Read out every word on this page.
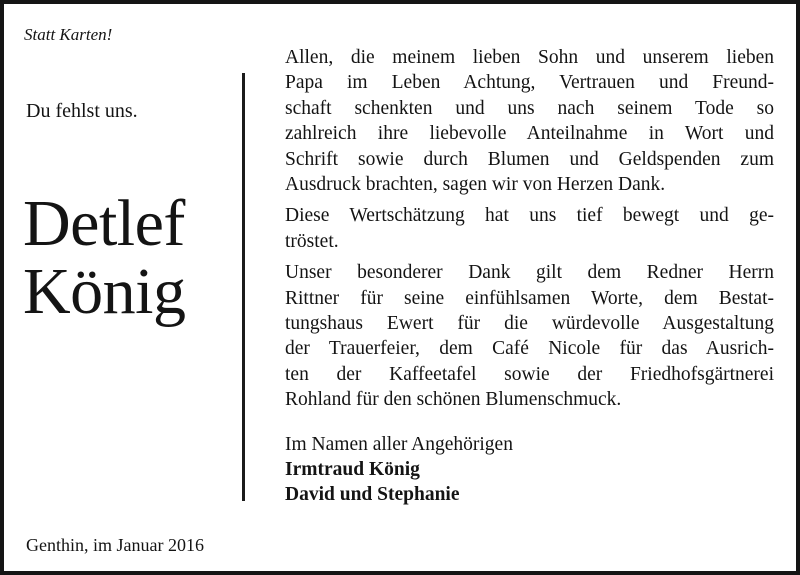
Statt Karten!
Du fehlst uns.
Detlef
König
Genthin, im Januar 2016

Allen, die meinem lieben Sohn und unserem lieben
Papa im Leben Achtung, Vertrauen und Freund-
schaft schenkten und uns nach seinem Tode so
zahlreich ihre liebevolle Anteilnahme in Wort und
Schrift sowie durch Blumen und Geldspenden zum
Ausdruck brachten, sagen wir von Herzen Dank.

Diese Wertschätzung hat uns tief bewegt und ge-
tröstet.

Unser besonderer Dank gilt dem Redner Herrn
Rittner für seine einfühlsamen Worte, dem Bestat-
tungshaus Ewert für die würdevolle Ausgestaltung
der Trauerfeier, dem Café Nicole für das Ausrich-
ten der Kaffeetafel sowie der Friedhofsgärtnerei
Rohland für den schönen Blumenschmuck.

Im Namen aller Angehörigen
Irmtraud König
David und Stephanie
